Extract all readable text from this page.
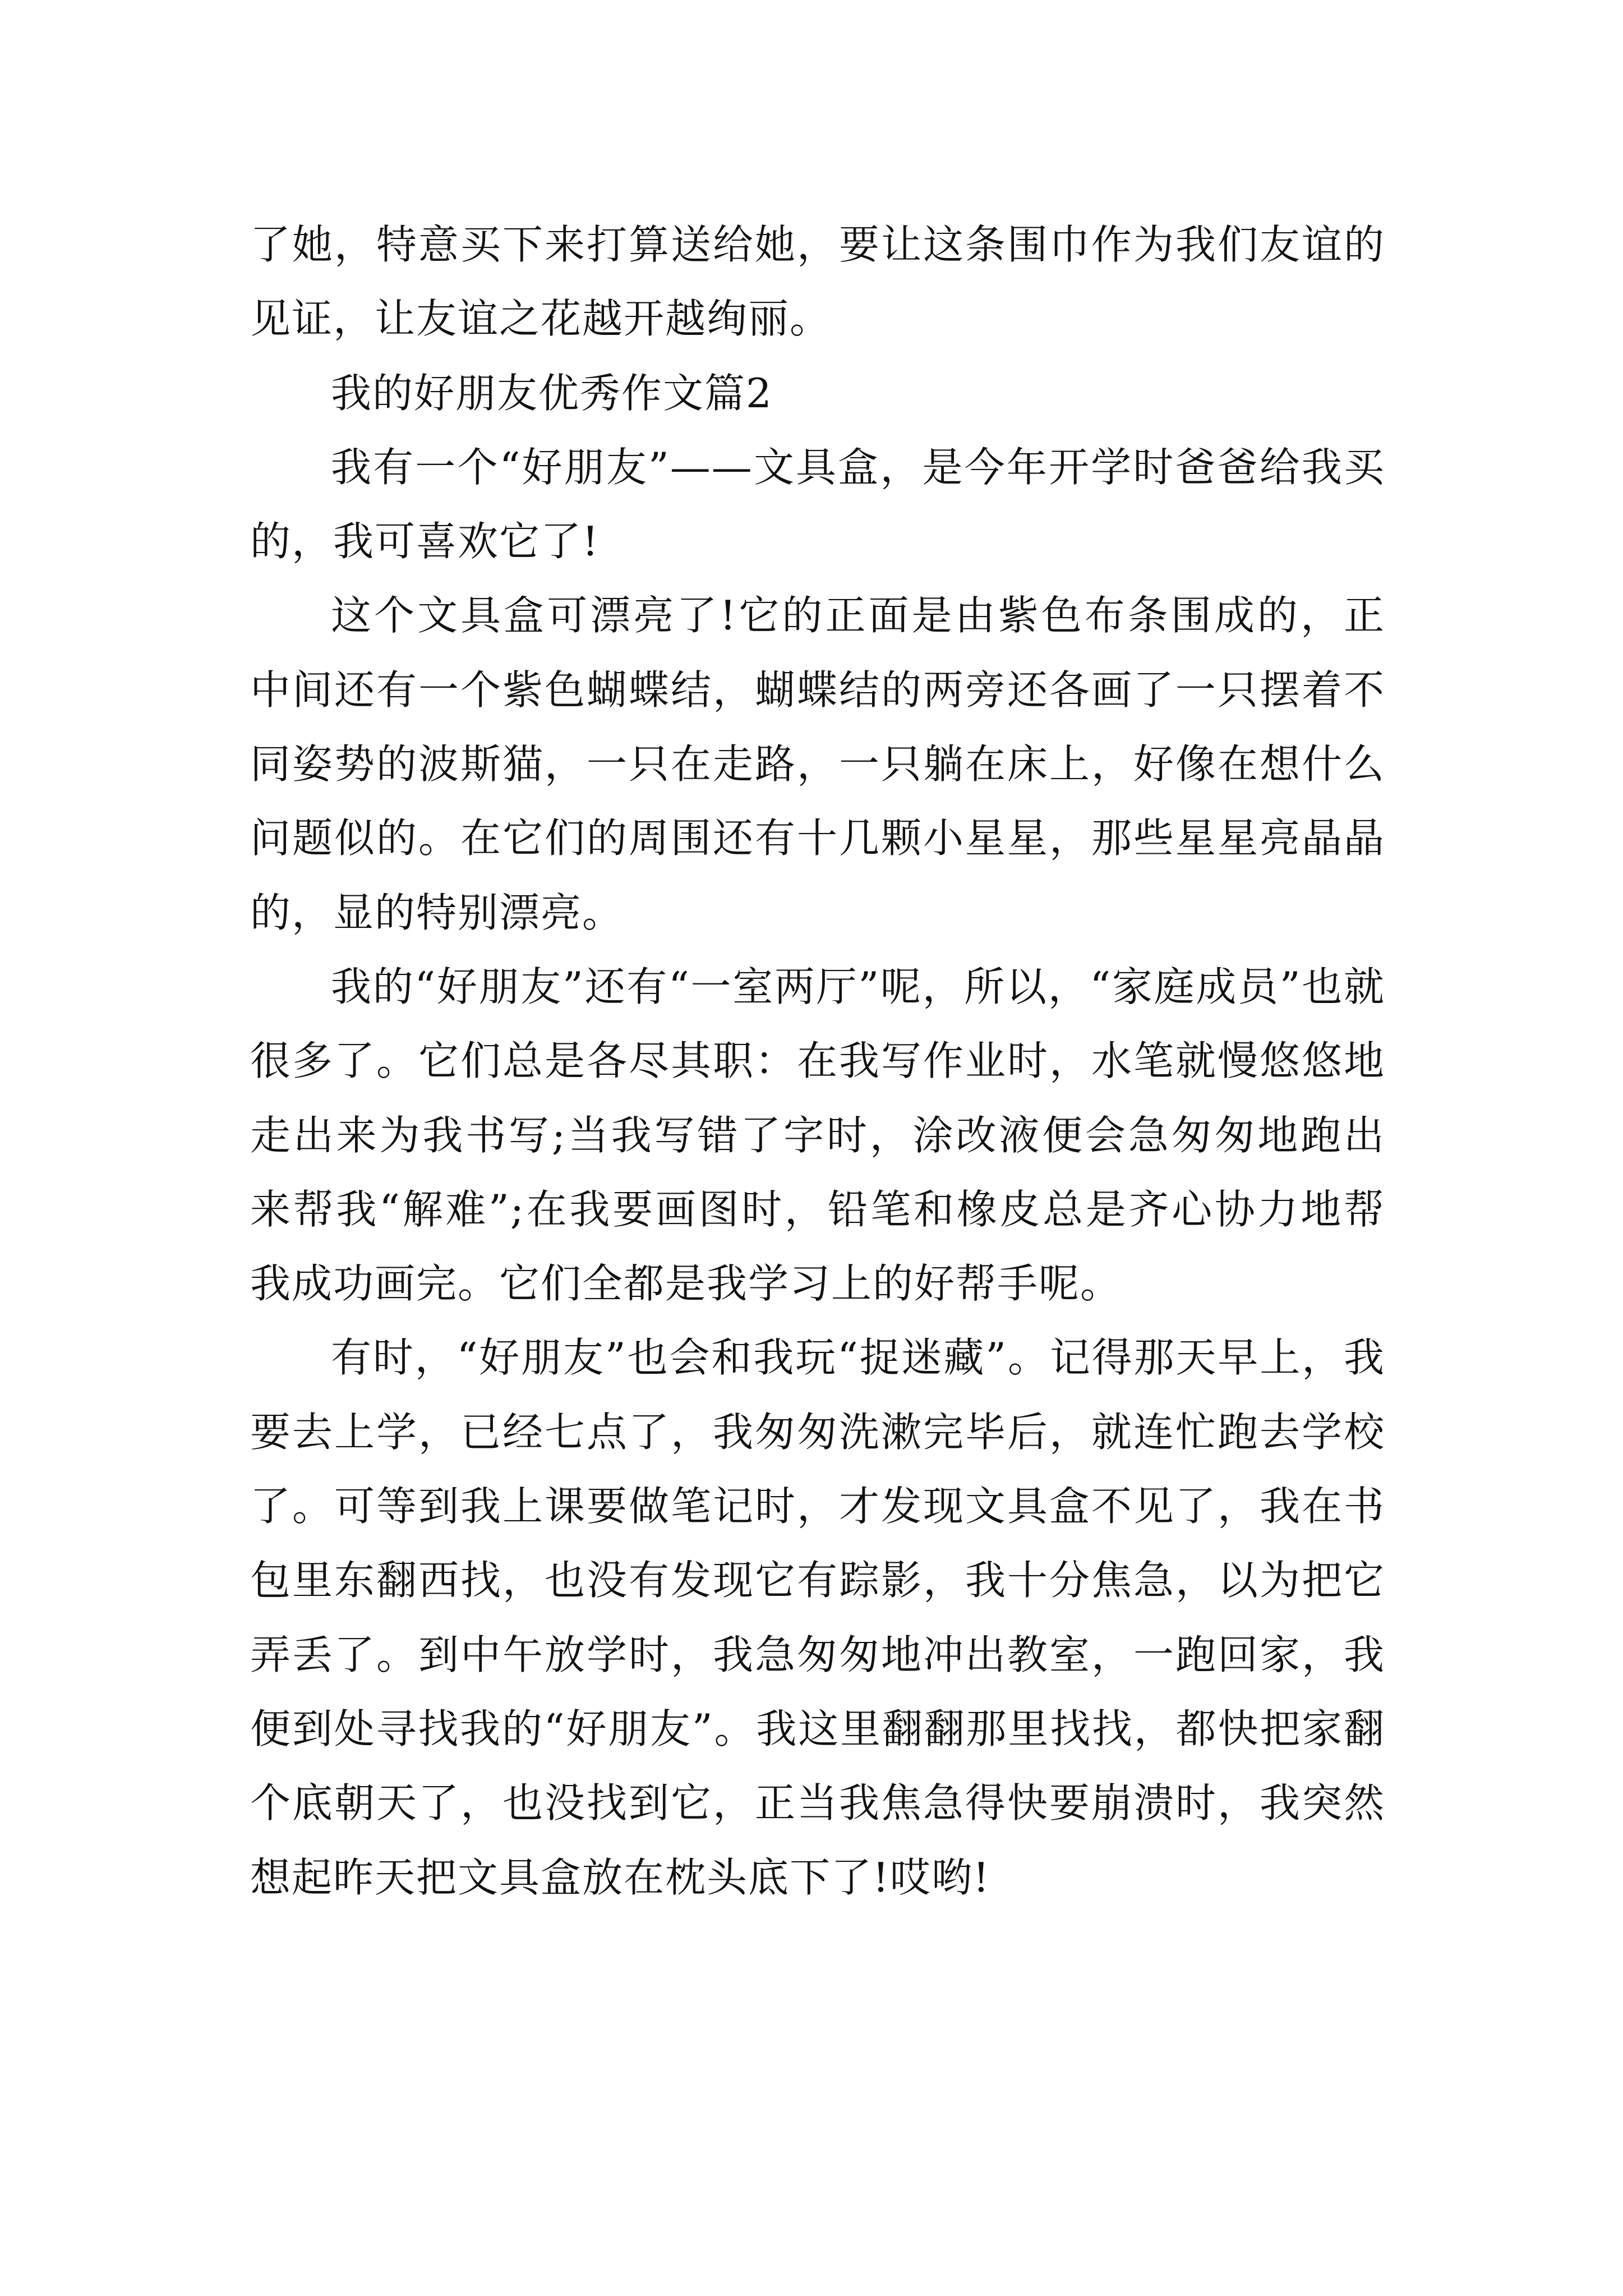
了她，特意买下来打算送给她，要让这条围巾作为我们友谊的见证，让友谊之花越开越绚丽。

我的好朋友优秀作文篇2

我有一个“好朋友”——文具盒，是今年开学时爸爸给我买的，我可喜欢它了!

这个文具盒可漂亮了!它的正面是由紫色布条围成的，正中间还有一个紫色蝴蝶结，蝴蝶结的两旁还各画了一只摆着不同姿势的波斯猫，一只在走路，一只躺在床上，好像在想什么问题似的。在它们的周围还有十几颗小星星，那些星星亮晶晶的，显的特别漂亮。

我的“好朋友”还有“一室两厅”呢，所以，“家庭成员”也就很多了。它们总是各尽其职：在我写作业时，水笔就慢悠悠地走出来为我书写;当我写错了字时，涂改液便会急匆匆地跑出来帮我“解难”;在我要画图时，铅笔和橡皮总是齐心协力地帮我成功画完。它们全都是我学习上的好帮手呢。

有时，“好朋友”也会和我玩“捉迷藏”。记得那天早上，我要去上学，已经七点了，我匆匆洗漱完毕后，就连忙跑去学校了。可等到我上课要做笔记时，才发现文具盒不见了，我在书包里东翻西找，也没有发现它有踪影，我十分焦急，以为把它弄丢了。到中午放学时，我急匆匆地冲出教室，一跑回家，我便到处寻找我的“好朋友”。我这里翻翻那里找找，都快把家翻个底朝天了，也没找到它，正当我焦急得快要崩溃时，我突然想起昨天把文具盒放在枕头底下了!哎哟!
